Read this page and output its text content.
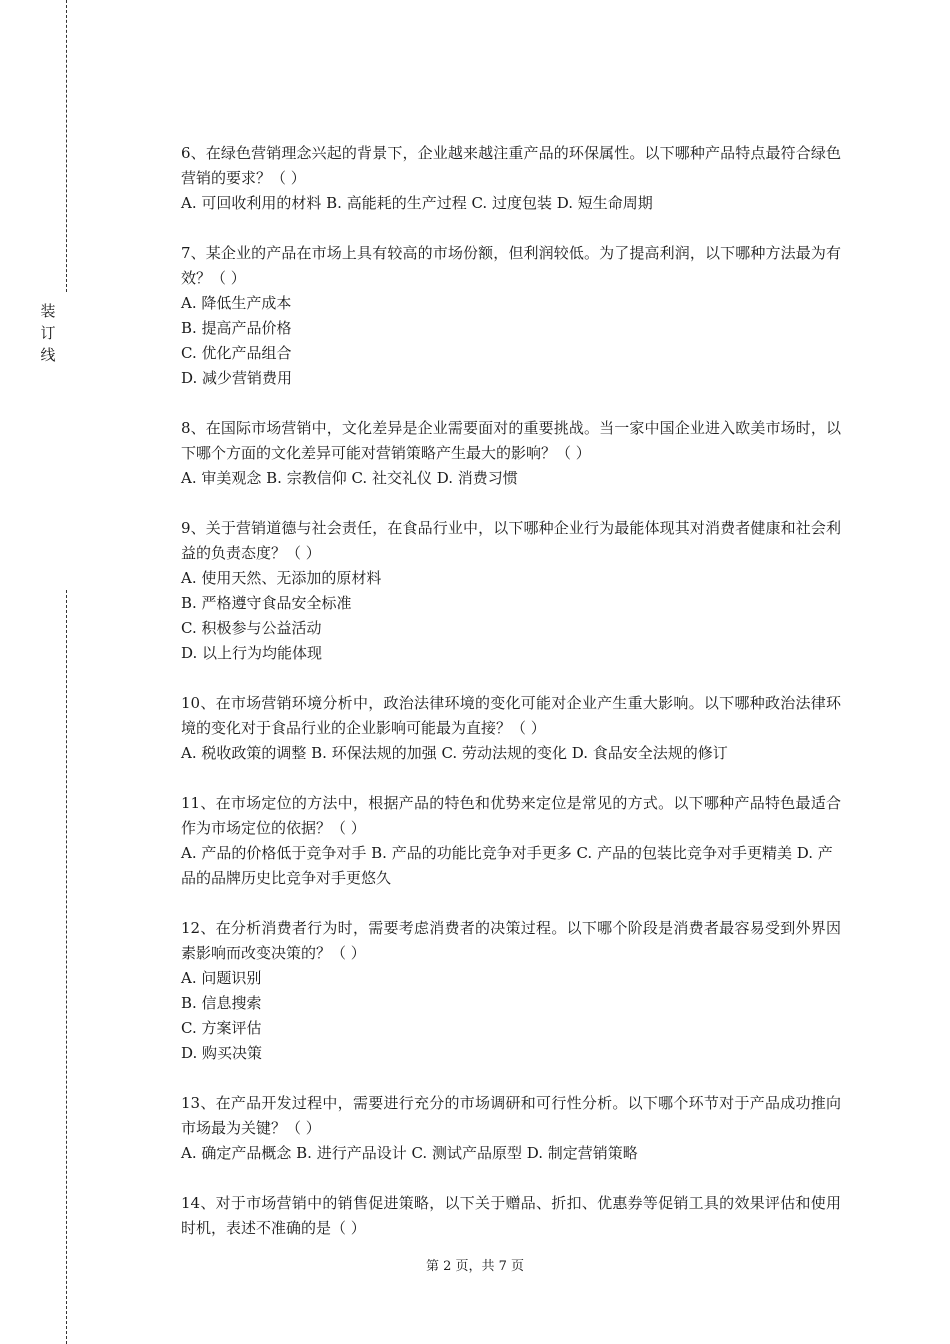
装
订
线

6、在绿色营销理念兴起的背景下，企业越来越注重产品的环保属性。以下哪种产品特点最符合绿色营销的要求？（ ）

A. 可回收利用的材料 B. 高能耗的生产过程 C. 过度包装 D. 短生命周期

7、某企业的产品在市场上具有较高的市场份额，但利润较低。为了提高利润，以下哪种方法最为有效？（ ）

A. 降低生产成本
B. 提高产品价格
C. 优化产品组合
D. 减少营销费用

8、在国际市场营销中，文化差异是企业需要面对的重要挑战。当一家中国企业进入欧美市场时，以下哪个方面的文化差异可能对营销策略产生最大的影响？（ ）

A. 审美观念 B. 宗教信仰 C. 社交礼仪 D. 消费习惯

9、关于营销道德与社会责任，在食品行业中，以下哪种企业行为最能体现其对消费者健康和社会利益的负责态度？（ ）

A. 使用天然、无添加的原材料
B. 严格遵守食品安全标准
C. 积极参与公益活动
D. 以上行为均能体现

10、在市场营销环境分析中，政治法律环境的变化可能对企业产生重大影响。以下哪种政治法律环境的变化对于食品行业的企业影响可能最为直接？（ ）

A. 税收政策的调整 B. 环保法规的加强 C. 劳动法规的变化 D. 食品安全法规的修订

11、在市场定位的方法中，根据产品的特色和优势来定位是常见的方式。以下哪种产品特色最适合作为市场定位的依据？（ ）

A. 产品的价格低于竞争对手 B. 产品的功能比竞争对手更多 C. 产品的包装比竞争对手更精美 D. 产品的品牌历史比竞争对手更悠久

12、在分析消费者行为时，需要考虑消费者的决策过程。以下哪个阶段是消费者最容易受到外界因素影响而改变决策的？（ ）

A. 问题识别
B. 信息搜索
C. 方案评估
D. 购买决策

13、在产品开发过程中，需要进行充分的市场调研和可行性分析。以下哪个环节对于产品成功推向市场最为关键？（ ）

A. 确定产品概念 B. 进行产品设计 C. 测试产品原型 D. 制定营销策略

14、对于市场营销中的销售促进策略，以下关于赠品、折扣、优惠券等促销工具的效果评估和使用时机，表述不准确的是（ ）

第 2 页，共 7 页
